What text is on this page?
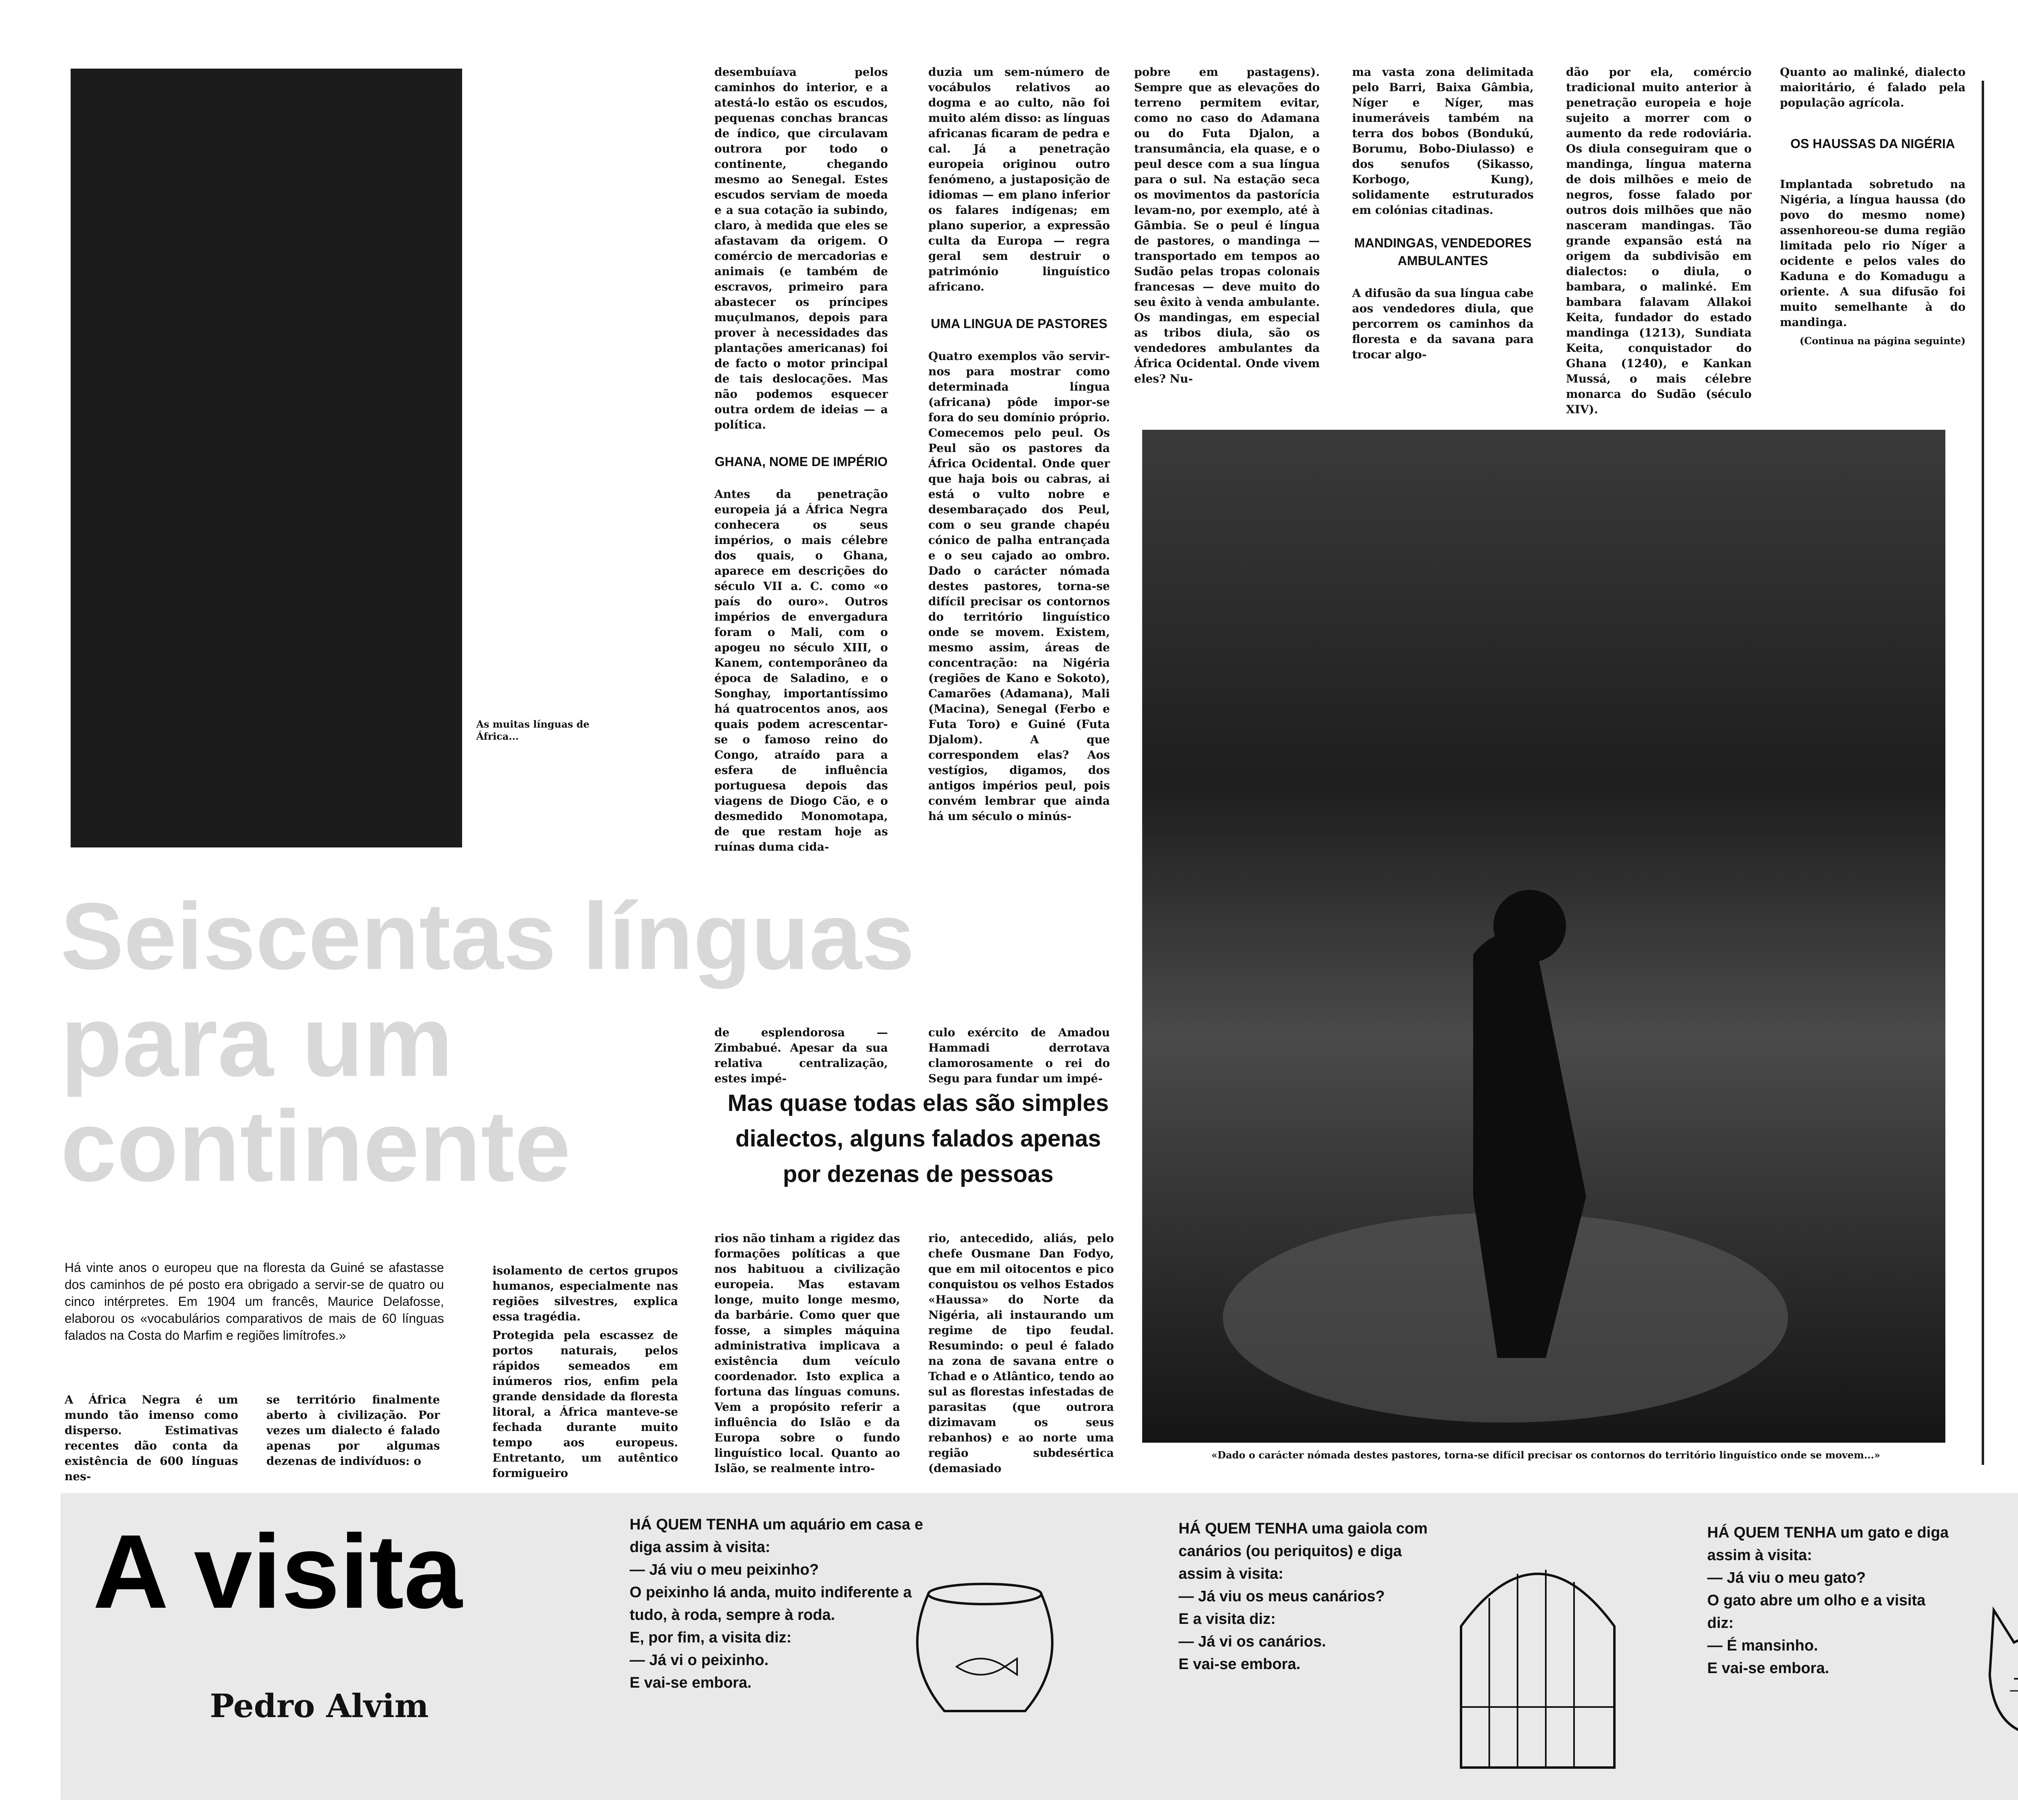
As muitas línguas de África...

desembuíava pelos caminhos do interior, e a atestá-lo estão os escudos, pequenas conchas brancas de índico, que circulavam outrora por todo o continente, chegando mesmo ao Senegal. Estes escudos serviam de moeda e a sua cotação ia subindo, claro, à medida que eles se afastavam da origem. O comércio de mercadorias e animais (e também de escravos, primeiro para abastecer os príncipes muçulmanos, depois para prover à necessidades das plantações americanas) foi de facto o motor principal de tais deslocações. Mas não podemos esquecer outra ordem de ideias — a política.

GHANA, NOME DE IMPÉRIO

Antes da penetração europeia já a África Negra conhecera os seus impérios, o mais célebre dos quais, o Ghana, aparece em descrições do século VII a. C. como «o país do ouro». Outros impérios de envergadura foram o Mali, com o apogeu no século XIII, o Kanem, contemporâneo da época de Saladino, e o Songhay, importantíssimo há quatrocentos anos, aos quais podem acrescentar-se o famoso reino do Congo, atraído para a esfera de influência portuguesa depois das viagens de Diogo Cão, e o desmedido Monomotapa, de que restam hoje as ruínas duma cida-

de esplendorosa — Zimbabué. Apesar da sua relativa centralização, estes impé-

duzia um sem-número de vocábulos relativos ao dogma e ao culto, não foi muito além disso: as línguas africanas ficaram de pedra e cal. Já a penetração europeia originou outro fenómeno, a justaposição de idiomas — em plano inferior os falares indígenas; em plano superior, a expressão culta da Europa — regra geral sem destruir o património linguístico africano.

UMA LINGUA DE PASTORES

Quatro exemplos vão servir-nos para mostrar como determinada língua (africana) pôde impor-se fora do seu domínio próprio. Comecemos pelo peul. Os Peul são os pastores da África Ocidental. Onde quer que haja bois ou cabras, ai está o vulto nobre e desembaraçado dos Peul, com o seu grande chapéu cónico de palha entrançada e o seu cajado ao ombro. Dado o carácter nómada destes pastores, torna-se difícil precisar os contornos do território linguístico onde se movem. Existem, mesmo assim, áreas de concentração: na Nigéria (regiões de Kano e Sokoto), Camarões (Adamana), Mali (Macina), Senegal (Ferbo e Futa Toro) e Guiné (Futa Djalom). A que correspondem elas? Aos vestígios, digamos, dos antigos impérios peul, pois convém lembrar que ainda há um século o minús-

culo exército de Amadou Hammadi derrotava clamorosamente o rei do Segu para fundar um impé-

pobre em pastagens). Sempre que as elevações do terreno permitem evitar, como no caso do Adamana ou do Futa Djalon, a transumância, ela quase, e o peul desce com a sua língua para o sul. Na estação seca os movimentos da pastorícia levam-no, por exemplo, até à Gâmbia. Se o peul é língua de pastores, o mandinga — transportado em tempos ao Sudão pelas tropas colonais francesas — deve muito do seu êxito à venda ambulante. Os mandingas, em especial as tribos diula, são os vendedores ambulantes da África Ocidental. Onde vivem eles? Nu-

ma vasta zona delimitada pelo Barri, Baixa Gâmbia, Níger e Níger, mas inumeráveis também na terra dos bobos (Bondukú, Borumu, Bobo-Diulasso) e dos senufos (Sikasso, Korbogo, Kung), solidamente estruturados em colónias citadinas.

MANDINGAS, VENDEDORES AMBULANTES

A difusão da sua língua cabe aos vendedores diula, que percorrem os caminhos da floresta e da savana para trocar algo-

dão por ela, comércio tradicional muito anterior à penetração europeia e hoje sujeito a morrer com o aumento da rede rodoviária. Os diula conseguiram que o mandinga, língua materna de dois milhões e meio de negros, fosse falado por outros dois milhões que não nasceram mandingas. Tão grande expansão está na origem da subdivisão em dialectos: o diula, o bambara, o malinké. Em bambara falavam Allakoi Keita, fundador do estado mandinga (1213), Sundiata Keita, conquistador do Ghana (1240), e Kankan Mussá, o mais célebre monarca do Sudão (século XIV).

Quanto ao malinké, dialecto maioritário, é falado pela população agrícola.

OS HAUSSAS DA NIGÉRIA

Implantada sobretudo na Nigéria, a língua haussa (do povo do mesmo nome) assenhoreou-se duma região limitada pelo rio Níger a ocidente e pelos vales do Kaduna e do Komadugu a oriente. A sua difusão foi muito semelhante à do mandinga.

(Continua na página seguinte)

Seiscentas línguas
para um
continente

Há vinte anos o europeu que na floresta da Guiné se afastasse dos caminhos de pé posto era obrigado a servir-se de quatro ou cinco intérpretes. Em 1904 um francês, Maurice Delafosse, elaborou os «vocabulários comparativos de mais de 60 línguas falados na Costa do Marfim e regiões limítrofes.»

A África Negra é um mundo tão imenso como disperso. Estimativas recentes dão conta da existência de 600 línguas nes-

se território finalmente aberto à civilização. Por vezes um dialecto é falado apenas por algumas dezenas de indivíduos: o

isolamento de certos grupos humanos, especialmente nas regiões silvestres, explica essa tragédia.

Protegida pela escassez de portos naturais, pelos rápidos semeados em inúmeros rios, enfim pela grande densidade da floresta litoral, a África manteve-se fechada durante muito tempo aos europeus. Entretanto, um autêntico formigueiro

Mas quase todas elas são simples dialectos, alguns falados apenas por dezenas de pessoas

rios não tinham a rigidez das formações políticas a que nos habituou a civilização europeia. Mas estavam longe, muito longe mesmo, da barbárie. Como quer que fosse, a simples máquina administrativa implicava a existência dum veículo coordenador. Isto explica a fortuna das línguas comuns. Vem a propósito referir a influência do Islão e da Europa sobre o fundo linguístico local. Quanto ao Islão, se realmente intro-

rio, antecedido, aliás, pelo chefe Ousmane Dan Fodyo, que em mil oitocentos e pico conquistou os velhos Estados «Haussa» do Norte da Nigéria, ali instaurando um regime de tipo feudal. Resumindo: o peul é falado na zona de savana entre o Tchad e o Atlântico, tendo ao sul as florestas infestadas de parasitas (que outrora dizimavam os seus rebanhos) e ao norte uma região subdesértica (demasiado

«Dado o carácter nómada destes pastores, torna-se difícil precisar os contornos do território linguístico onde se movem...»

A visita
Pedro Alvim
HÁ QUEM TENHA um aquário em casa e diga assim à visita:
— Já viu o meu peixinho?
O peixinho lá anda, muito indiferente a tudo, à roda, sempre à roda.
E, por fim, a visita diz:
— Já vi o peixinho.
E vai-se embora.
HÁ QUEM TENHA uma gaiola com canários (ou periquitos) e diga assim à visita:
— Já viu os meus canários?
E a visita diz:
— Já vi os canários.
E vai-se embora.
HÁ QUEM TENHA um gato e diga assim à visita:
— Já viu o meu gato?
O gato abre um olho e a visita diz:
— É mansinho.
E vai-se embora.
